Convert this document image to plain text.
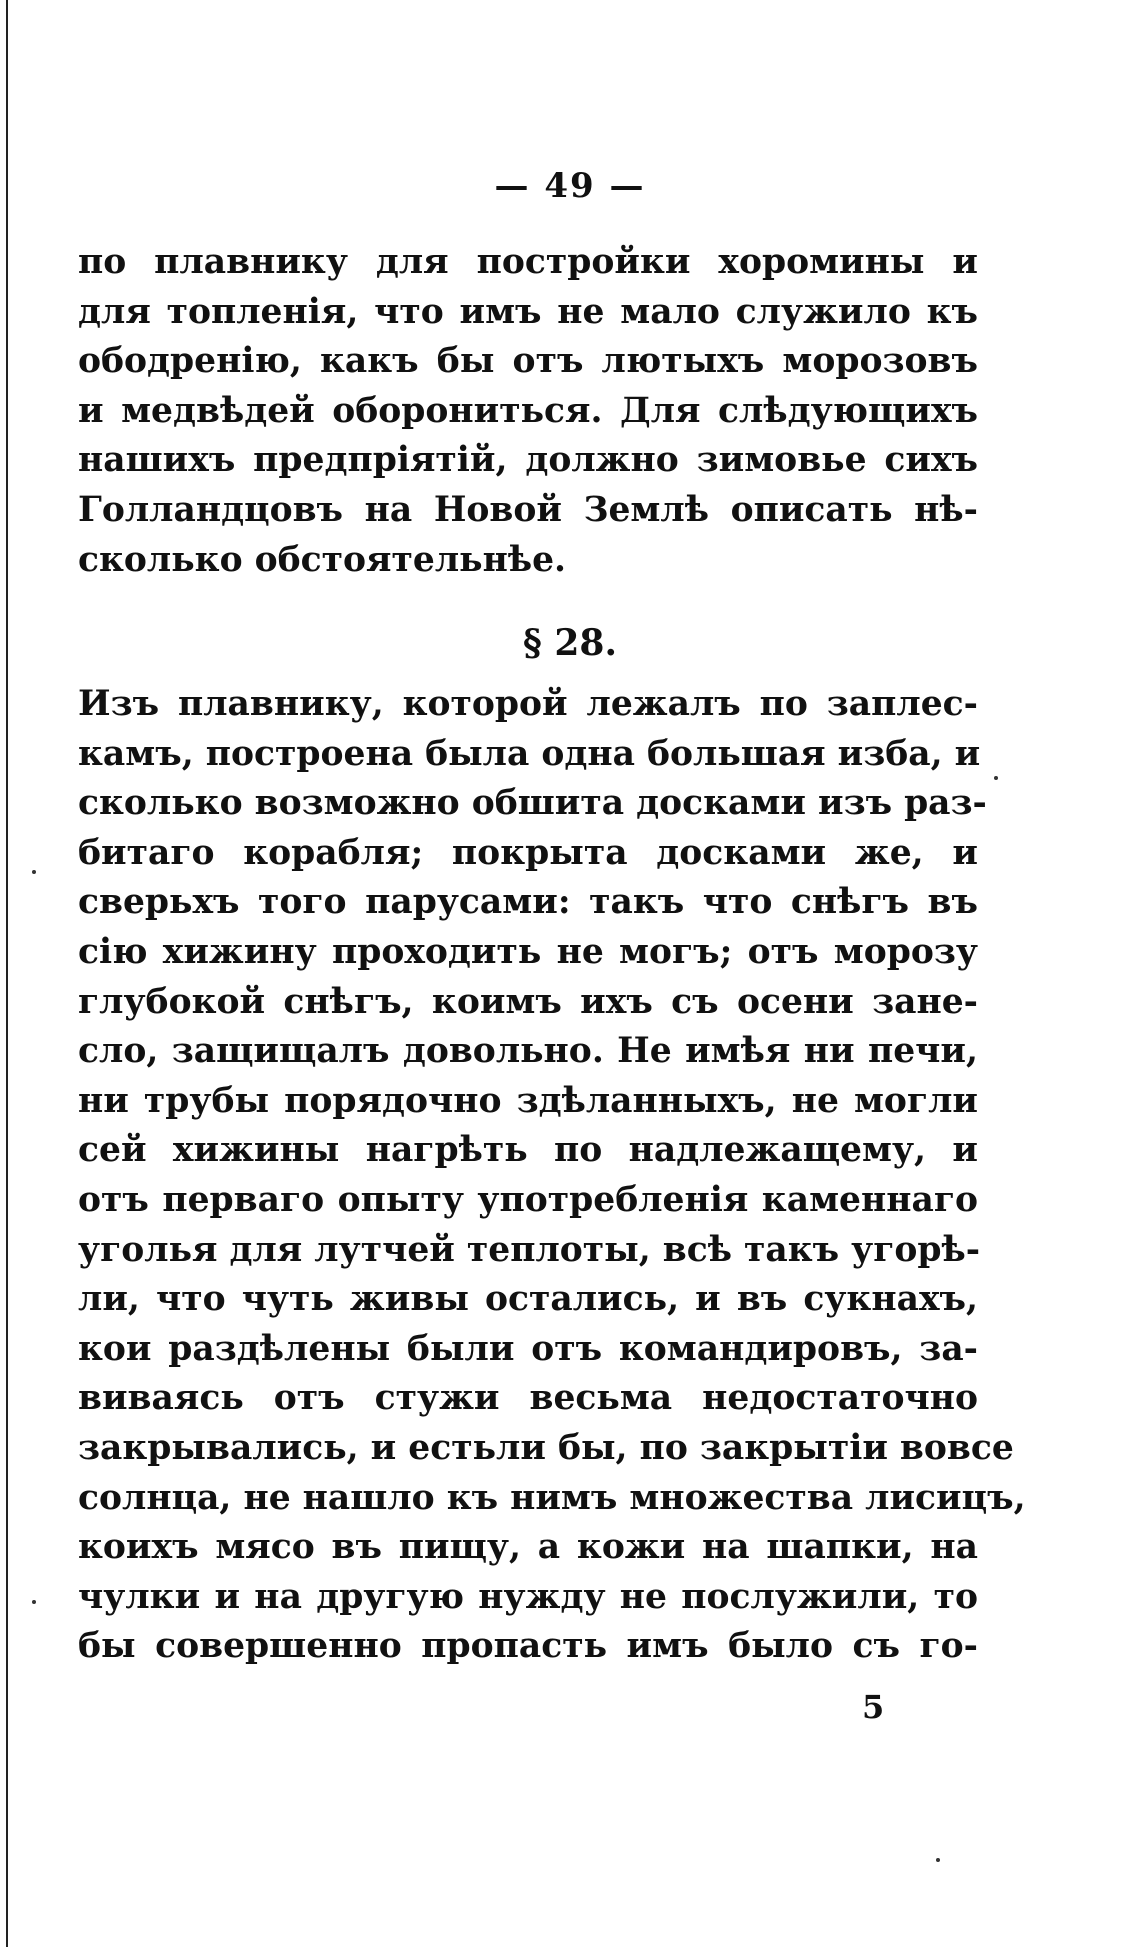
— 49 —
по плавнику для постройки хоромины и
для топленія, что имъ не мало служило къ
ободренію, какъ бы отъ лютыхъ морозовъ
и медвѣдей оборониться. Для слѣдующихъ
нашихъ предпріятій, должно зимовье сихъ
Голландцовъ на Новой Землѣ описать нѣ-
сколько обстоятельнѣе.
§ 28.
Изъ плавнику, которой лежалъ по заплес-
камъ, построена была одна большая изба, и
сколько возможно обшита досками изъ раз-
битаго корабля; покрыта досками же, и
сверьхъ того парусами: такъ что снѣгъ въ
сію хижину проходить не могъ; отъ морозу
глубокой снѣгъ, коимъ ихъ съ осени зане-
сло, защищалъ довольно. Не имѣя ни печи,
ни трубы порядочно здѣланныхъ, не могли
сей хижины нагрѣть по надлежащему, и
отъ перваго опыту употребленія каменнаго
уголья для лутчей теплоты, всѣ такъ угорѣ-
ли, что чуть живы остались, и въ сукнахъ,
кои раздѣлены были отъ командировъ, за-
виваясь отъ стужи весьма недостаточно
закрывались, и естьли бы, по закрытіи вовсе
солнца, не нашло къ нимъ множества лисицъ,
коихъ мясо въ пищу, а кожи на шапки, на
чулки и на другую нужду не послужили, то
бы совершенно пропасть имъ было съ го-
5
